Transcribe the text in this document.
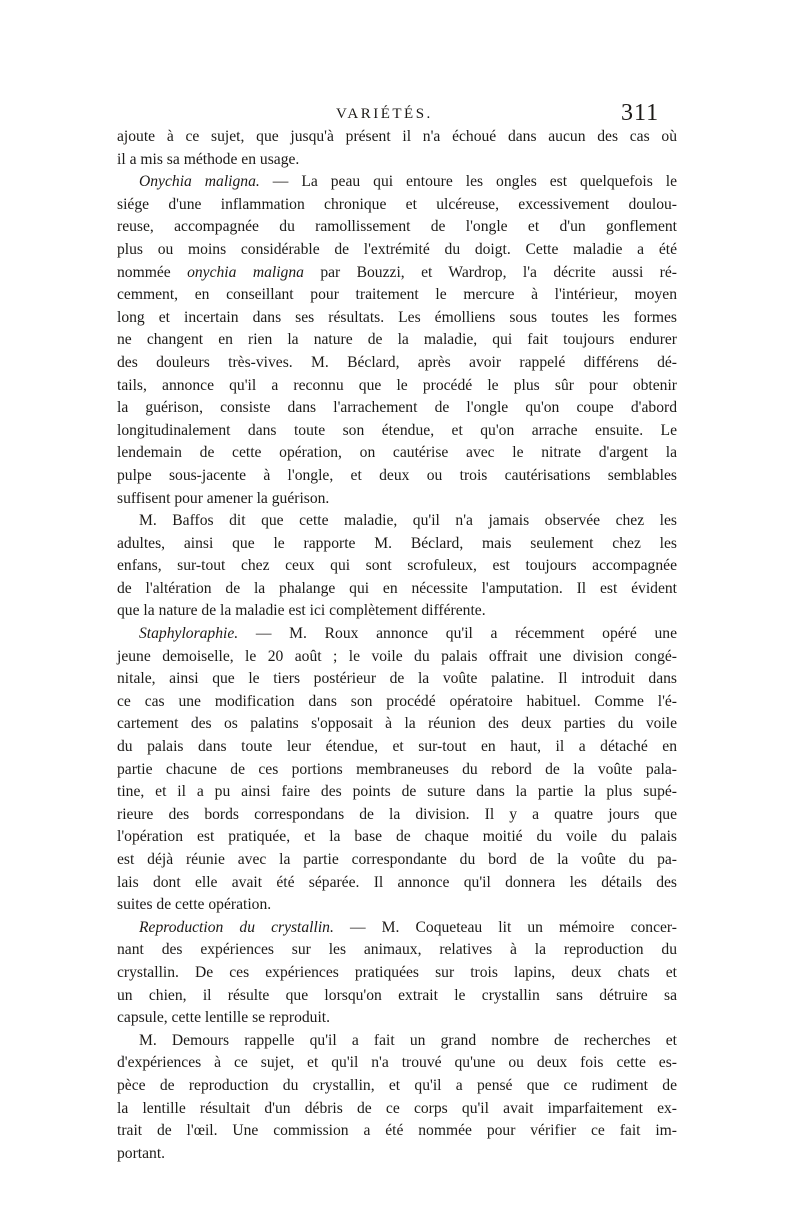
VARIÉTÉS.	311
ajoute à ce sujet, que jusqu'à présent il n'a échoué dans aucun des cas où
il a mis sa méthode en usage.
Onychia maligna. — La peau qui entoure les ongles est quelquefois le
siége d'une inflammation chronique et ulcéreuse, excessivement doulou-
reuse, accompagnée du ramollissement de l'ongle et d'un gonflement
plus ou moins considérable de l'extrémité du doigt. Cette maladie a été
nommée onychia maligna par Bouzzi, et Wardrop, l'a décrite aussi ré-
cemment, en conseillant pour traitement le mercure à l'intérieur, moyen
long et incertain dans ses résultats. Les émolliens sous toutes les formes
ne changent en rien la nature de la maladie, qui fait toujours endurer
des douleurs très-vives. M. Béclard, après avoir rappelé différens dé-
tails, annonce qu'il a reconnu que le procédé le plus sûr pour obtenir
la guérison, consiste dans l'arrachement de l'ongle qu'on coupe d'abord
longitudinalement dans toute son étendue, et qu'on arrache ensuite. Le
lendemain de cette opération, on cautérise avec le nitrate d'argent la
pulpe sous-jacente à l'ongle, et deux ou trois cautérisations semblables
suffisent pour amener la guérison.
M. Baffos dit que cette maladie, qu'il n'a jamais observée chez les
adultes, ainsi que le rapporte M. Béclard, mais seulement chez les
enfans, sur-tout chez ceux qui sont scrofuleux, est toujours accompagnée
de l'altération de la phalange qui en nécessite l'amputation. Il est évident
que la nature de la maladie est ici complètement différente.
Staphyloraphie. — M. Roux annonce qu'il a récemment opéré une
jeune demoiselle, le 20 août ; le voile du palais offrait une division congé-
nitale, ainsi que le tiers postérieur de la voûte palatine. Il introduit dans
ce cas une modification dans son procédé opératoire habituel. Comme l'é-
cartement des os palatins s'opposait à la réunion des deux parties du voile
du palais dans toute leur étendue, et sur-tout en haut, il a détaché en
partie chacune de ces portions membraneuses du rebord de la voûte pala-
tine, et il a pu ainsi faire des points de suture dans la partie la plus supé-
rieure des bords correspondans de la division. Il y a quatre jours que
l'opération est pratiquée, et la base de chaque moitié du voile du palais
est déjà réunie avec la partie correspondante du bord de la voûte du pa-
lais dont elle avait été séparée. Il annonce qu'il donnera les détails des
suites de cette opération.
Reproduction du crystallin. — M. Coqueteau lit un mémoire concer-
nant des expériences sur les animaux, relatives à la reproduction du
crystallin. De ces expériences pratiquées sur trois lapins, deux chats et
un chien, il résulte que lorsqu'on extrait le crystallin sans détruire sa
capsule, cette lentille se reproduit.
M. Demours rappelle qu'il a fait un grand nombre de recherches et
d'expériences à ce sujet, et qu'il n'a trouvé qu'une ou deux fois cette es-
pèce de reproduction du crystallin, et qu'il a pensé que ce rudiment de
la lentille résultait d'un débris de ce corps qu'il avait imparfaitement ex-
trait de l'œil. Une commission a été nommée pour vérifier ce fait im-
portant.
